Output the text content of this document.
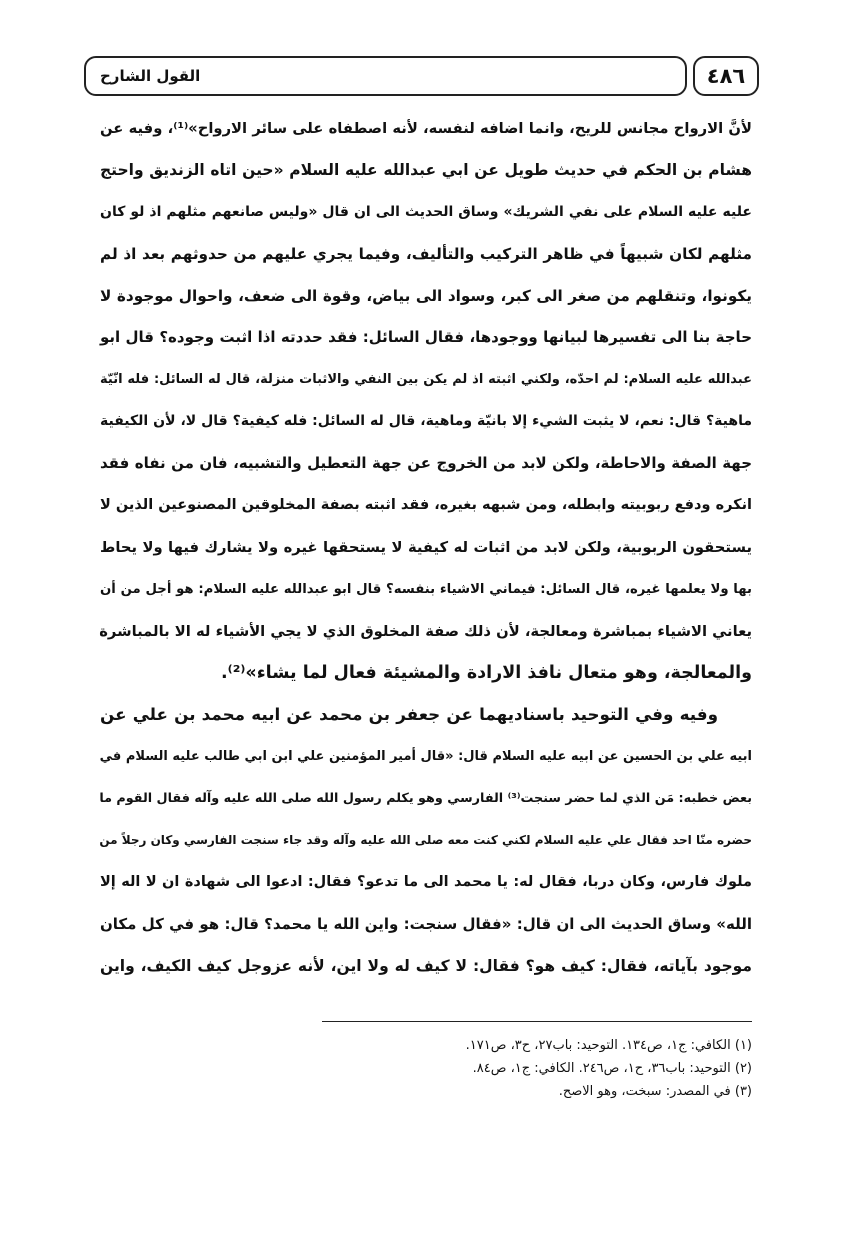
٤٨٦
القول الشارح
لأنَّ الارواح مجانس للريح، وانما اضافه لنفسه، لأنه اصطفاه على سائر الارواح»⁽¹⁾، وفيه عن
هشام بن الحكم في حديث طويل عن ابي عبدالله عليه السلام «حين اتاه الزنديق واحتج
عليه عليه السلام على نفي الشريك» وساق الحديث الى ان قال «وليس صانعهم مثلهم اذ لو كان
مثلهم لكان شبيهاً في ظاهر التركيب والتأليف، وفيما يجري عليهم من حدوثهم بعد اذ لم
يكونوا، وتنقلهم من صغر الى كبر، وسواد الى بياض، وقوة الى ضعف، واحوال موجودة لا
حاجة بنا الى تفسيرها لبيانها ووجودها، فقال السائل: فقد حددته اذا اثبت وجوده؟ قال ابو
عبدالله عليه السلام: لم احدّه، ولكني اثبته اذ لم يكن بين النفي والاثبات منزلة، قال له السائل: فله انّيّة
ماهية؟ قال: نعم، لا يثبت الشيء إلا بانيّة وماهية، قال له السائل: فله كيفية؟ قال لا، لأن الكيفية
جهة الصفة والاحاطة، ولكن لابد من الخروج عن جهة التعطيل والتشبيه، فان من نفاه فقد
انكره ودفع ربوبيته وابطله، ومن شبهه بغيره، فقد اثبته بصفة المخلوقين المصنوعين الذين لا
يستحقون الربوبية، ولكن لابد من اثبات له كيفية لا يستحقها غيره ولا يشارك فيها ولا يحاط
بها ولا يعلمها غيره، قال السائل: فيماني الاشياء بنفسه؟ قال ابو عبدالله عليه السلام: هو أجل من أن
يعاني الاشياء بمباشرة ومعالجة، لأن ذلك صفة المخلوق الذي لا يجي الأشياء له الا بالمباشرة
والمعالجة، وهو متعال نافذ الارادة والمشيئة فعال لما يشاء»⁽²⁾.
وفيه وفي التوحيد باسناديهما عن جعفر بن محمد عن ابيه محمد بن علي عن
ابيه علي بن الحسين عن ابيه عليه السلام قال: «قال أمير المؤمنين علي ابن ابي طالب عليه السلام في
بعض خطبه: مَن الذي لما حضر سنجت⁽³⁾ الفارسي وهو يكلم رسول الله صلى الله عليه وآله فقال القوم ما
حضره منّا احد فقال علي عليه السلام لكني كنت معه صلى الله عليه وآله وقد جاء سنجت الفارسي وكان رجلاً من
ملوك فارس، وكان دربا، فقال له: يا محمد الى ما تدعو؟ فقال: ادعوا الى شهادة ان لا اله إلا
الله» وساق الحديث الى ان قال: «فقال سنجت: واين الله يا محمد؟ قال: هو في كل مكان
موجود بآياته، فقال: كيف هو؟ فقال: لا كيف له ولا اين، لأنه عزوجل كيف الكيف، واين
(١) الكافي: ج١، ص١٣٤. التوحيد: باب٢٧، ح٣، ص١٧١.
(٢) التوحيد: باب٣٦، ح١، ص٢٤٦. الكافي: ج١، ص٨٤.
(٣) في المصدر: سبخت، وهو الاصح.
